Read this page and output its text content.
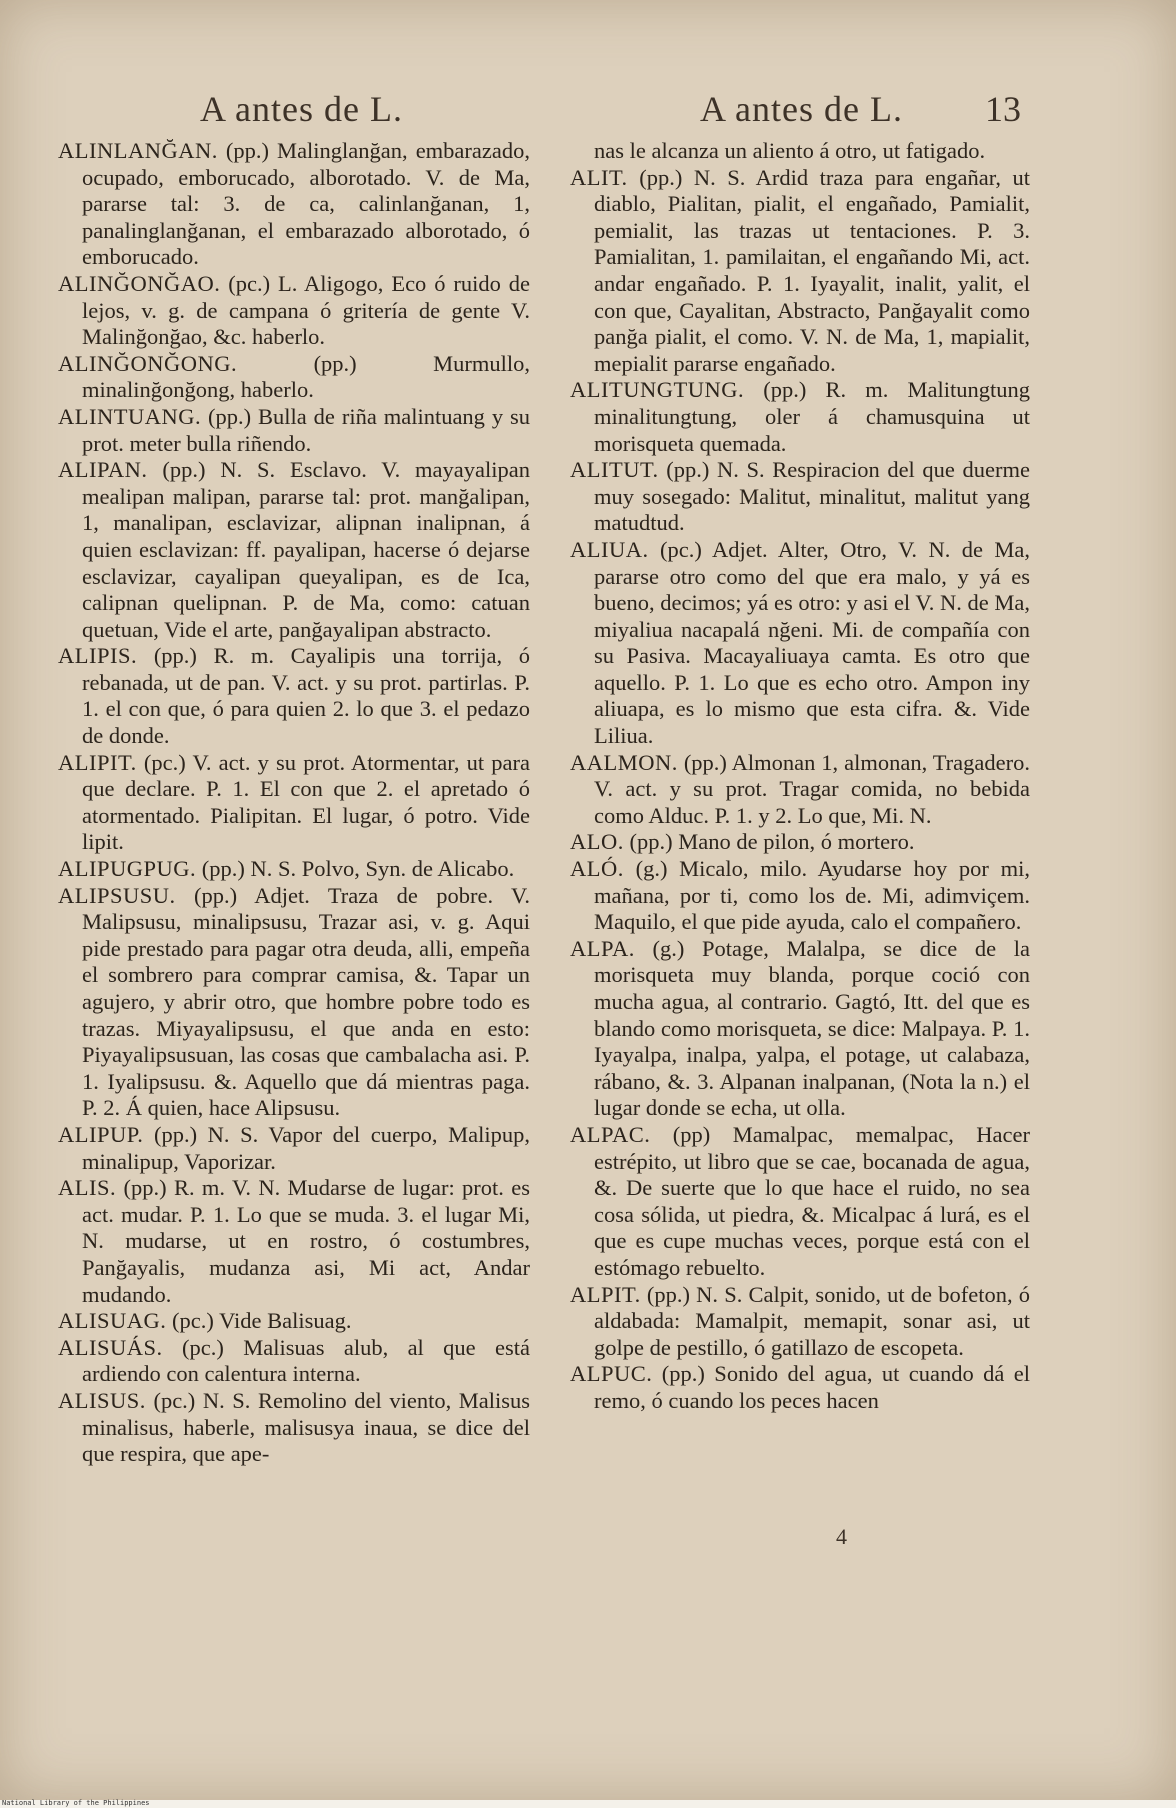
A antes de L.	A antes de L. 13
ALINLANĞAN. (pp.) Malinglanğan, embarazado, ocupado, emborucado, alborotado. V. de Ma, pararse tal: 3. de ca, calinlanğanan, 1, panalinglanğanan, el embarazado alborotado, ó emborucado.
ALINĞONĞAO. (pc.) L. Aligogo, Eco ó ruido de lejos, v. g. de campana ó gritería de gente V. Malinğonğao, &c. haberlo.
ALINĞONĞONG.	(pp.) Murmullo, minalinğonğong, haberlo.
ALINTUANG. (pp.) Bulla de riña malintuang y su prot. meter bulla riñendo.
ALIPAN. (pp.) N. S. Esclavo. V. mayayalipan mealipan malipan, pararse tal: prot. manğalipan, 1, manalipan, esclavizar, alipnan inalipnan, á quien esclavizan: ff. payalipan, hacerse ó dejarse esclavizar, cayalipan queyalipan, es de Ica, calipnan quelipnan. P. de Ma, como: catuan quetuan, Vide el arte, panğayalipan abstracto.
ALIPIS. (pp.) R. m. Cayalipis una torrija, ó rebanada, ut de pan. V. act. y su prot. partirlas. P. 1. el con que, ó para quien 2. lo que 3. el pedazo de donde.
ALIPIT. (pc.) V. act. y su prot. Atormentar, ut para que declare. P. 1. El con que 2. el apretado ó atormentado. Pialipitan. El lugar, ó potro. Vide lipit.
ALIPUGPUG. (pp.) N. S. Polvo, Syn. de Alicabo.
ALIPSUSU. (pp.) Adjet. Traza de pobre. V. Malipsusu, minalipsusu, Trazar asi, v. g. Aqui pide prestado para pagar otra deuda, alli, empeña el sombrero para comprar camisa, &. Tapar un agujero, y abrir otro, que hombre pobre todo es trazas. Miyayalipsusu, el que anda en esto: Piyayalipsusuan, las cosas que cambalacha asi. P. 1. Iyalipsusu. &. Aquello que dá mientras paga. P. 2. Á quien, hace Alipsusu.
ALIPUP. (pp.) N. S. Vapor del cuerpo, Malipup, minalipup, Vaporizar.
ALIS. (pp.) R. m. V. N. Mudarse de lugar: prot. es act. mudar. P. 1. Lo que se muda. 3. el lugar Mi, N. mudarse, ut en rostro, ó costumbres, Panğayalis, mudanza asi, Mi act, Andar mudando.
ALISUAG. (pc.) Vide Balisuag.
ALISUÁS. (pc.) Malisuas alub, al que está ardiendo con calentura interna.
ALISUS. (pc.) N. S. Remolino del viento, Malisus minalisus, haberle, malisusya inaua, se dice del que respira, que ape-
nas le alcanza un aliento á otro, ut fatigado.
ALIT. (pp.) N. S. Ardid traza para engañar, ut diablo, Pialitan, pialit, el engañado, Pamialit, pemialit, las trazas ut tentaciones. P. 3. Pamialitan, 1. pamilaitan, el engañando Mi, act. andar engañado. P. 1. Iyayalit, inalit, yalit, el con que, Cayalitan, Abstracto, Panğayalit como panğa pialit, el como. V. N. de Ma, 1, mapialit, mepialit pararse engañado.
ALITUNGTUNG. (pp.) R. m. Malitungtung minalitungtung, oler á chamusquina ut morisqueta quemada.
ALITUT. (pp.) N. S. Respiracion del que duerme muy sosegado: Malitut, minalitut, malitut yang matudtud.
ALIUA. (pc.) Adjet. Alter, Otro, V. N. de Ma, pararse otro como del que era malo, y yá es bueno, decimos; yá es otro: y asi el V. N. de Ma, miyaliua nacapalá nğeni. Mi. de compañía con su Pasiva. Macayaliuaya camta. Es otro que aquello. P. 1. Lo que es echo otro. Ampon iny aliuapa, es lo mismo que esta cifra. &. Vide Liliua.
AALMON. (pp.) Almonan 1, almonan, Tragadero. V. act. y su prot. Tragar comida, no bebida como Alduc. P. 1. y 2. Lo que, Mi. N.
ALO. (pp.) Mano de pilon, ó mortero.
ALÓ. (g.) Micalo, milo. Ayudarse hoy por mi, mañana, por ti, como los de. Mi, adimviçem. Maquilo, el que pide ayuda, calo el compañero.
ALPA. (g.) Potage, Malalpa, se dice de la morisqueta muy blanda, porque coció con mucha agua, al contrario. Gagtó, Itt. del que es blando como morisqueta, se dice: Malpaya. P. 1. Iyayalpa, inalpa, yalpa, el potage, ut calabaza, rábano, &. 3. Alpanan inalpanan, (Nota la n.) el lugar donde se echa, ut olla.
ALPAC. (pp) Mamalpac, memalpac, Hacer estrépito, ut libro que se cae, bocanada de agua, &. De suerte que lo que hace el ruido, no sea cosa sólida, ut piedra, &. Micalpac á lurá, es el que es cupe muchas veces, porque está con el estómago rebuelto.
ALPIT. (pp.) N. S. Calpit, sonido, ut de bofeton, ó aldabada: Mamalpit, memapit, sonar asi, ut golpe de pestillo, ó gatillazo de escopeta.
ALPUC. (pp.) Sonido del agua, ut cuando dá el remo, ó cuando los peces hacen
4
National Library of the Philippines
